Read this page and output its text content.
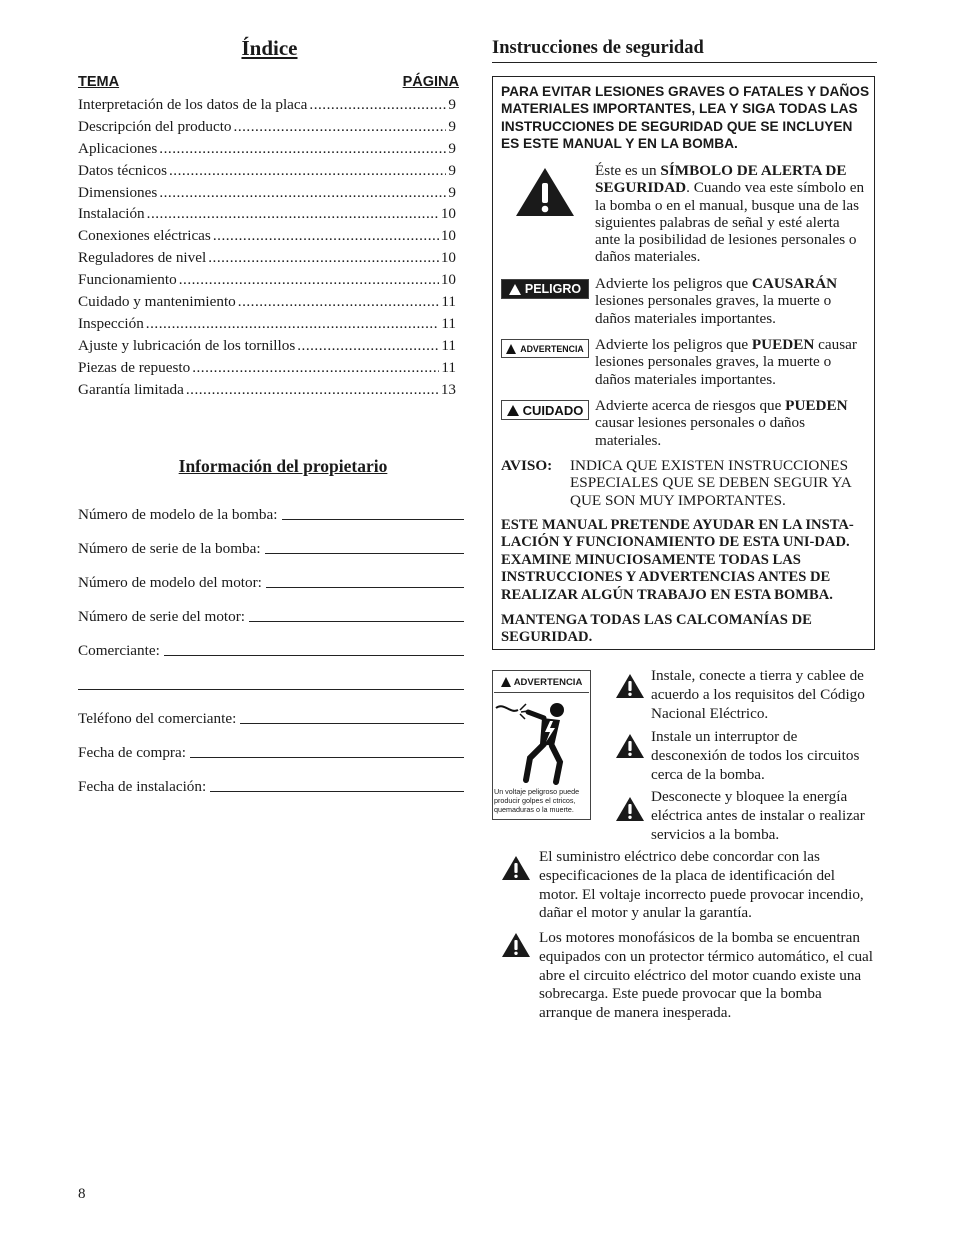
Índice
TEMA	PÁGINA
Interpretación de los datos de la placa .....	9
Descripción del producto .....	9
Aplicaciones .....	9
Datos técnicos .....	9
Dimensiones .....	9
Instalación .....	10
Conexiones eléctricas .....	10
Reguladores de nivel .....	10
Funcionamiento .....	10
Cuidado y mantenimiento .....	11
Inspección .....	11
Ajuste y lubricación de los tornillos .....	11
Piezas de repuesto .....	11
Garantía limitada .....	13
Información del propietario
Número de modelo de la bomba:
Número de serie de la bomba:
Número de modelo del motor:
Número de serie del motor:
Comerciante:
Teléfono del comerciante:
Fecha de compra:
Fecha de instalación:
8
Instrucciones de seguridad
PARA EVITAR LESIONES GRAVES O FATALES Y DAÑOS MATERIALES IMPORTANTES, LEA Y SIGA TODAS LAS INSTRUCCIONES DE SEGURIDAD QUE SE INCLUYEN ES ESTE MANUAL Y EN LA BOMBA.
Éste es un SÍMBOLO DE ALERTA DE SEGURIDAD. Cuando vea este símbolo en la bomba o en el manual, busque una de las siguientes palabras de señal y esté alerta ante la posibilidad de lesiones personales o daños materiales.
PELIGRO Advierte los peligros que CAUSARÁN lesiones personales graves, la muerte o daños materiales importantes.
ADVERTENCIA Advierte los peligros que PUEDEN causar lesiones personales graves, la muerte o daños materiales importantes.
CUIDADO Advierte acerca de riesgos que PUEDEN causar lesiones personales o daños materiales.
AVISO: INDICA QUE EXISTEN INSTRUCCIONES ESPECIALES QUE SE DEBEN SEGUIR YA QUE SON MUY IMPORTANTES.
ESTE MANUAL PRETENDE AYUDAR EN LA INSTA-LACIÓN Y FUNCIONAMIENTO DE ESTA UNI-DAD. EXAMINE MINUCIOSAMENTE TODAS LAS INSTRUCCIONES Y ADVERTENCIAS ANTES DE REALIZAR ALGÚN TRABAJO EN ESTA BOMBA.
MANTENGA TODAS LAS CALCOMANÍAS DE SEGURIDAD.
ADVERTENCIA
Un voltaje peligroso puede producir golpes el ctricos, quemaduras o la muerte.
Instale, conecte a tierra y cablee de acuerdo a los requisitos del Código Nacional Eléctrico.
Instale un interruptor de desconexión de todos los circuitos cerca de la bomba.
Desconecte y bloquee la energía eléctrica antes de instalar o realizar servicios a la bomba.
El suministro eléctrico debe concordar con las especificaciones de la placa de identificación del motor. El voltaje incorrecto puede provocar incendio, dañar el motor y anular la garantía.
Los motores monofásicos de la bomba se encuentran equipados con un protector térmico automático, el cual abre el circuito eléctrico del motor cuando existe una sobrecarga. Este puede provocar que la bomba arranque de manera inesperada.
